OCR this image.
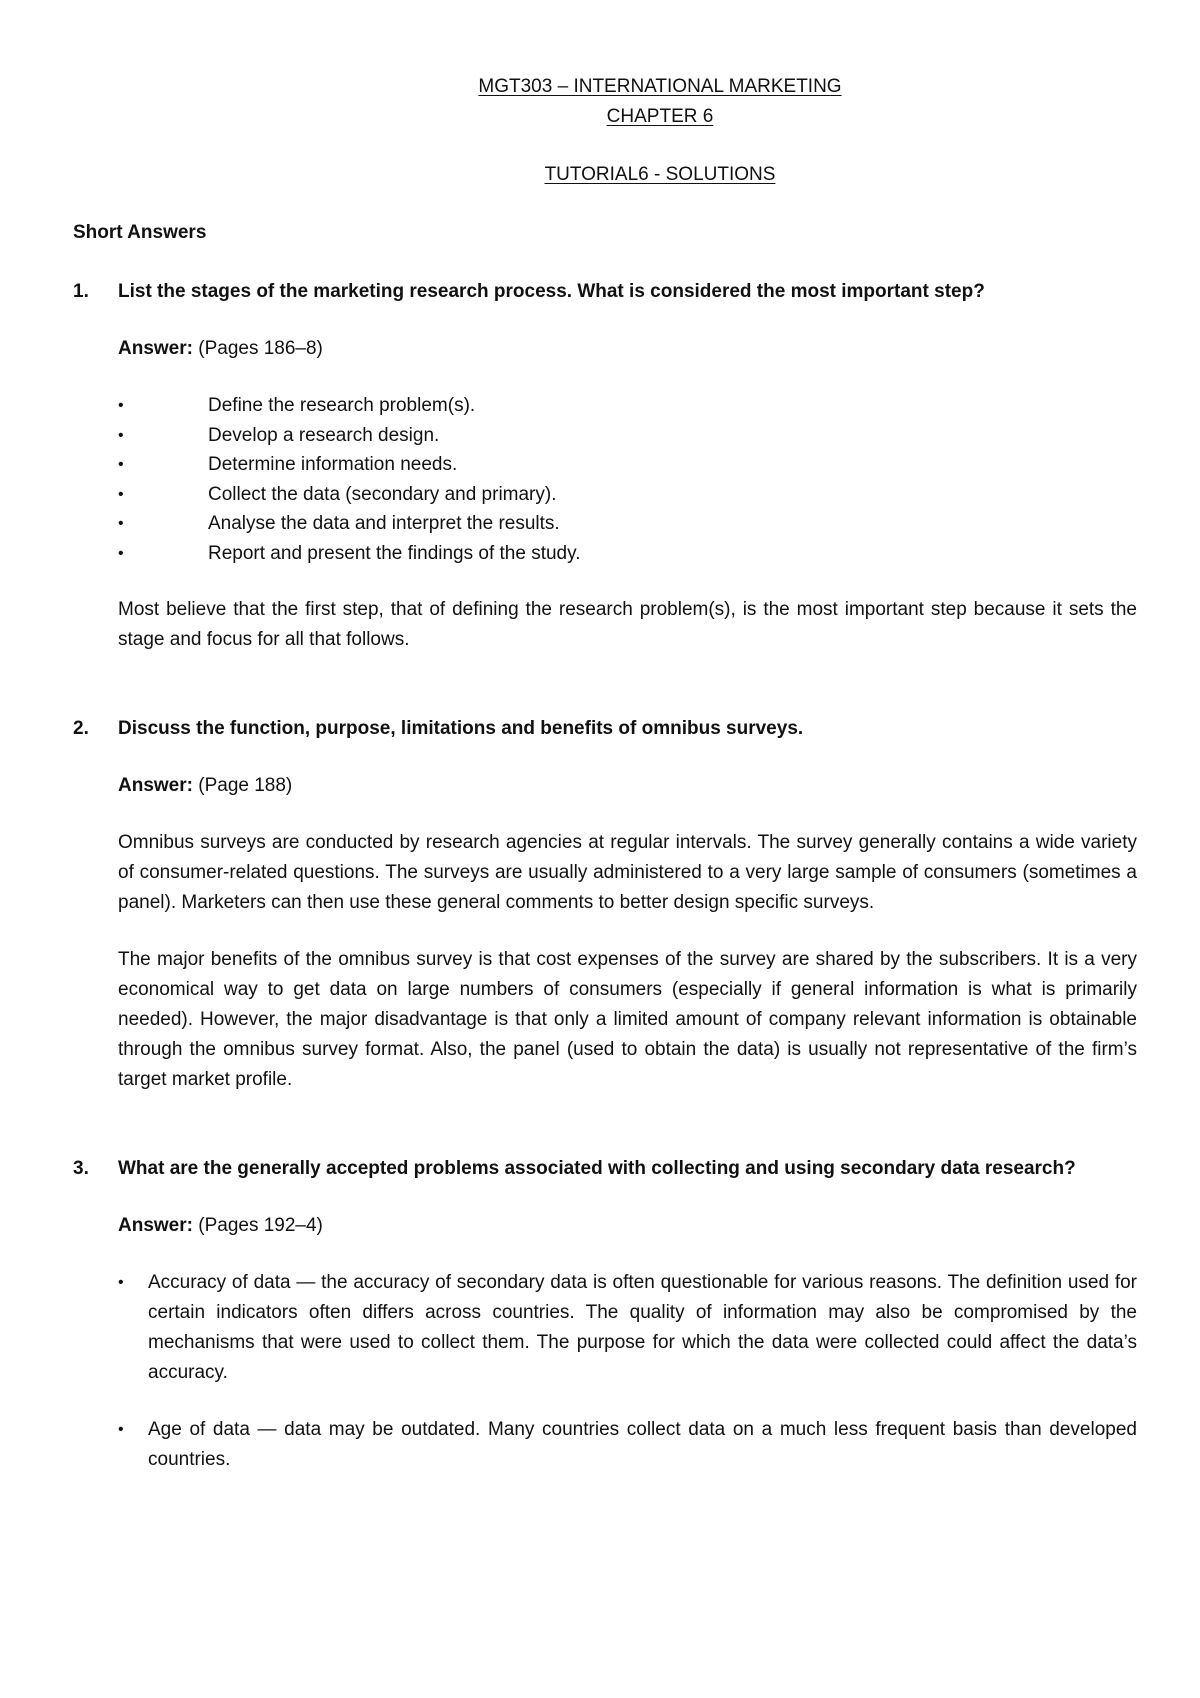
MGT303 – INTERNATIONAL MARKETING

CHAPTER 6

TUTORIAL6 - SOLUTIONS

Short Answers

1.	List the stages of the marketing research process. What is considered the most important step?
Answer: (Pages 186–8)
•	Define the research problem(s).
•	Develop a research design.
•	Determine information needs.
•	Collect the data (secondary and primary).
•	Analyse the data and interpret the results.
•	Report and present the findings of the study.

Most believe that the first step, that of defining the research problem(s), is the most important step because it sets the stage and focus for all that follows.

2.	Discuss the function, purpose, limitations and benefits of omnibus surveys.
Answer: (Page 188)

Omnibus surveys are conducted by research agencies at regular intervals. The survey generally contains a wide variety of consumer-related questions. The surveys are usually administered to a very large sample of consumers (sometimes a panel). Marketers can then use these general comments to better design specific surveys.

The major benefits of the omnibus survey is that cost expenses of the survey are shared by the subscribers. It is a very economical way to get data on large numbers of consumers (especially if general information is what is primarily needed). However, the major disadvantage is that only a limited amount of company relevant information is obtainable through the omnibus survey format. Also, the panel (used to obtain the data) is usually not representative of the firm’s target market profile.

3.	What are the generally accepted problems associated with collecting and using secondary data research?
Answer: (Pages 192–4)
•	Accuracy of data — the accuracy of secondary data is often questionable for various reasons. The definition used for certain indicators often differs across countries. The quality of information may also be compromised by the mechanisms that were used to collect them. The purpose for which the data were collected could affect the data’s accuracy.
•	Age of data — data may be outdated. Many countries collect data on a much less frequent basis than developed countries.
